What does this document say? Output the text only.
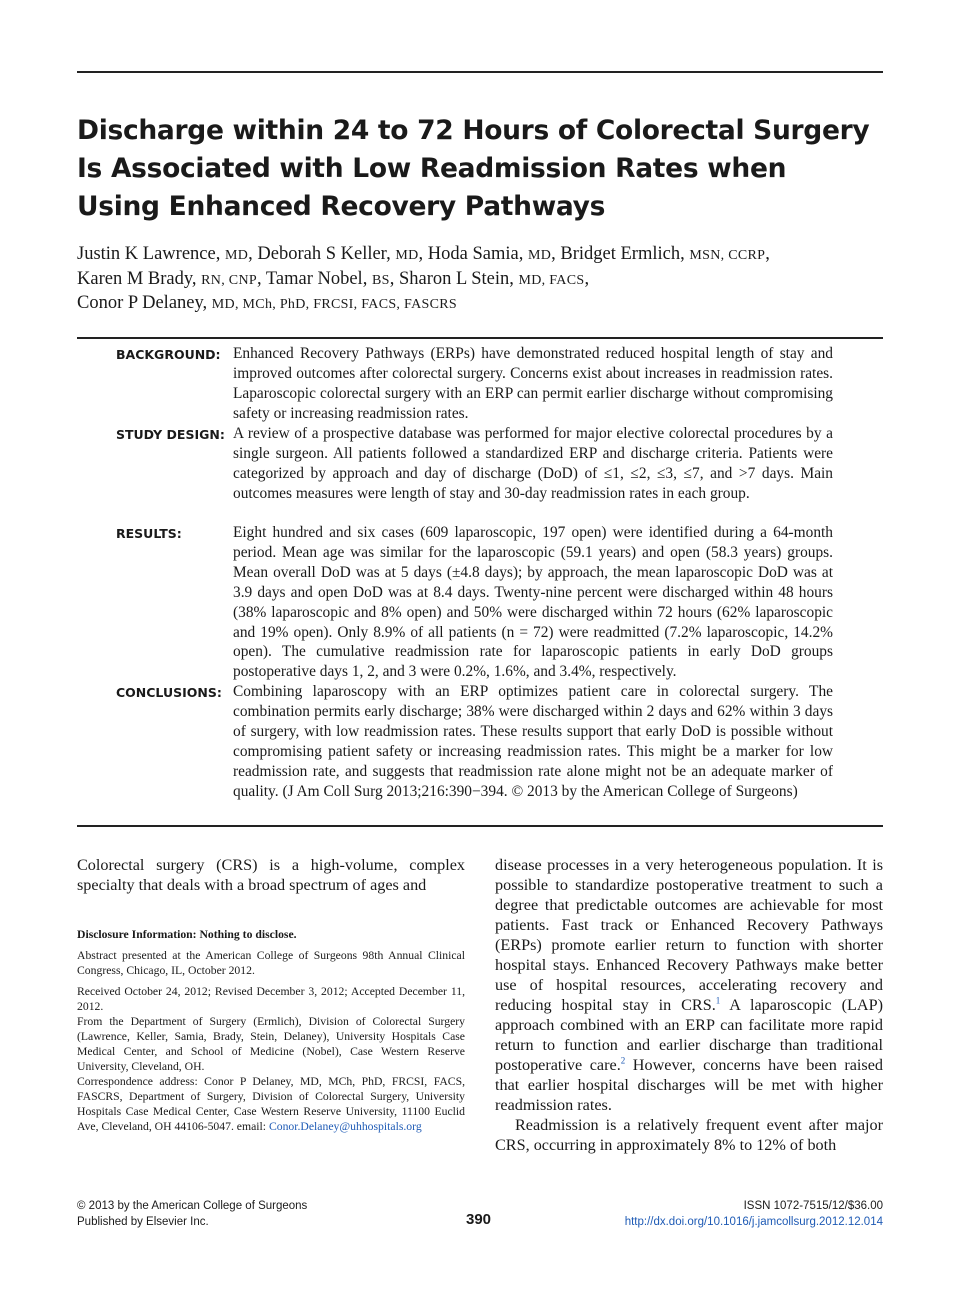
Discharge within 24 to 72 Hours of Colorectal Surgery
Is Associated with Low Readmission Rates when
Using Enhanced Recovery Pathways
Justin K Lawrence, MD, Deborah S Keller, MD, Hoda Samia, MD, Bridget Ermlich, MSN, CCRP,
Karen M Brady, RN, CNP, Tamar Nobel, BS, Sharon L Stein, MD, FACS,
Conor P Delaney, MD, MCh, PhD, FRCSI, FACS, FASCRS
BACKGROUND: Enhanced Recovery Pathways (ERPs) have demonstrated reduced hospital length of stay and improved outcomes after colorectal surgery. Concerns exist about increases in readmission rates. Laparoscopic colorectal surgery with an ERP can permit earlier discharge without compromising safety or increasing readmission rates.

STUDY DESIGN: A review of a prospective database was performed for major elective colorectal procedures by a single surgeon. All patients followed a standardized ERP and discharge criteria. Patients were categorized by approach and day of discharge (DoD) of ≤1, ≤2, ≤3, ≤7, and >7 days. Main outcomes measures were length of stay and 30-day readmission rates in each group.

RESULTS:	Eight hundred and six cases (609 laparoscopic, 197 open) were identified during a 64-month period. Mean age was similar for the laparoscopic (59.1 years) and open (58.3 years) groups. Mean overall DoD was at 5 days (±4.8 days); by approach, the mean laparoscopic DoD was at 3.9 days and open DoD was at 8.4 days. Twenty-nine percent were discharged within 48 hours (38% laparoscopic and 8% open) and 50% were discharged within 72 hours (62% laparoscopic and 19% open). Only 8.9% of all patients (n = 72) were readmitted (7.2% laparoscopic, 14.2% open). The cumulative readmission rate for laparoscopic patients in early DoD groups postoperative days 1, 2, and 3 were 0.2%, 1.6%, and 3.4%, respectively.

CONCLUSIONS: Combining laparoscopy with an ERP optimizes patient care in colorectal surgery. The combination permits early discharge; 38% were discharged within 2 days and 62% within 3 days of surgery, with low readmission rates. These results support that early DoD is possible without compromising patient safety or increasing readmission rates. This might be a marker for low readmission rate, and suggests that readmission rate alone might not be an adequate marker of quality. (J Am Coll Surg 2013;216:390−394. © 2013 by the American College of Surgeons)

Colorectal surgery (CRS) is a high-volume, complex specialty that deals with a broad spectrum of ages and

Disclosure Information: Nothing to disclose.

Abstract presented at the American College of Surgeons 98th Annual Clinical Congress, Chicago, IL, October 2012.

Received October 24, 2012; Revised December 3, 2012; Accepted December 11, 2012.

From the Department of Surgery (Ermlich), Division of Colorectal Surgery (Lawrence, Keller, Samia, Brady, Stein, Delaney), University Hospitals Case Medical Center, and School of Medicine (Nobel), Case Western Reserve University, Cleveland, OH.

Correspondence address: Conor P Delaney, MD, MCh, PhD, FRCSI, FACS, FASCRS, Department of Surgery, Division of Colorectal Surgery, University Hospitals Case Medical Center, Case Western Reserve University, 11100 Euclid Ave, Cleveland, OH 44106-5047. email: Conor.Delaney@uhhospitals.org

disease processes in a very heterogeneous population. It is possible to standardize postoperative treatment to such a degree that predictable outcomes are achievable for most patients. Fast track or Enhanced Recovery Pathways (ERPs) promote earlier return to function with shorter hospital stays. Enhanced Recovery Pathways make better use of hospital resources, accelerating recovery and reducing hospital stay in CRS.$^1$ A laparoscopic (LAP) approach combined with an ERP can facilitate more rapid return to function and earlier discharge than traditional postoperative care.$^2$ However, concerns have been raised that earlier hospital discharges will be met with higher readmission rates.

Readmission is a relatively frequent event after major CRS, occurring in approximately 8% to 12% of both

© 2013 by the American College of Surgeons
Published by Elsevier Inc.	390
ISSN 1072-7515/12/$36.00
http://dx.doi.org/10.1016/j.jamcollsurg.2012.12.014
